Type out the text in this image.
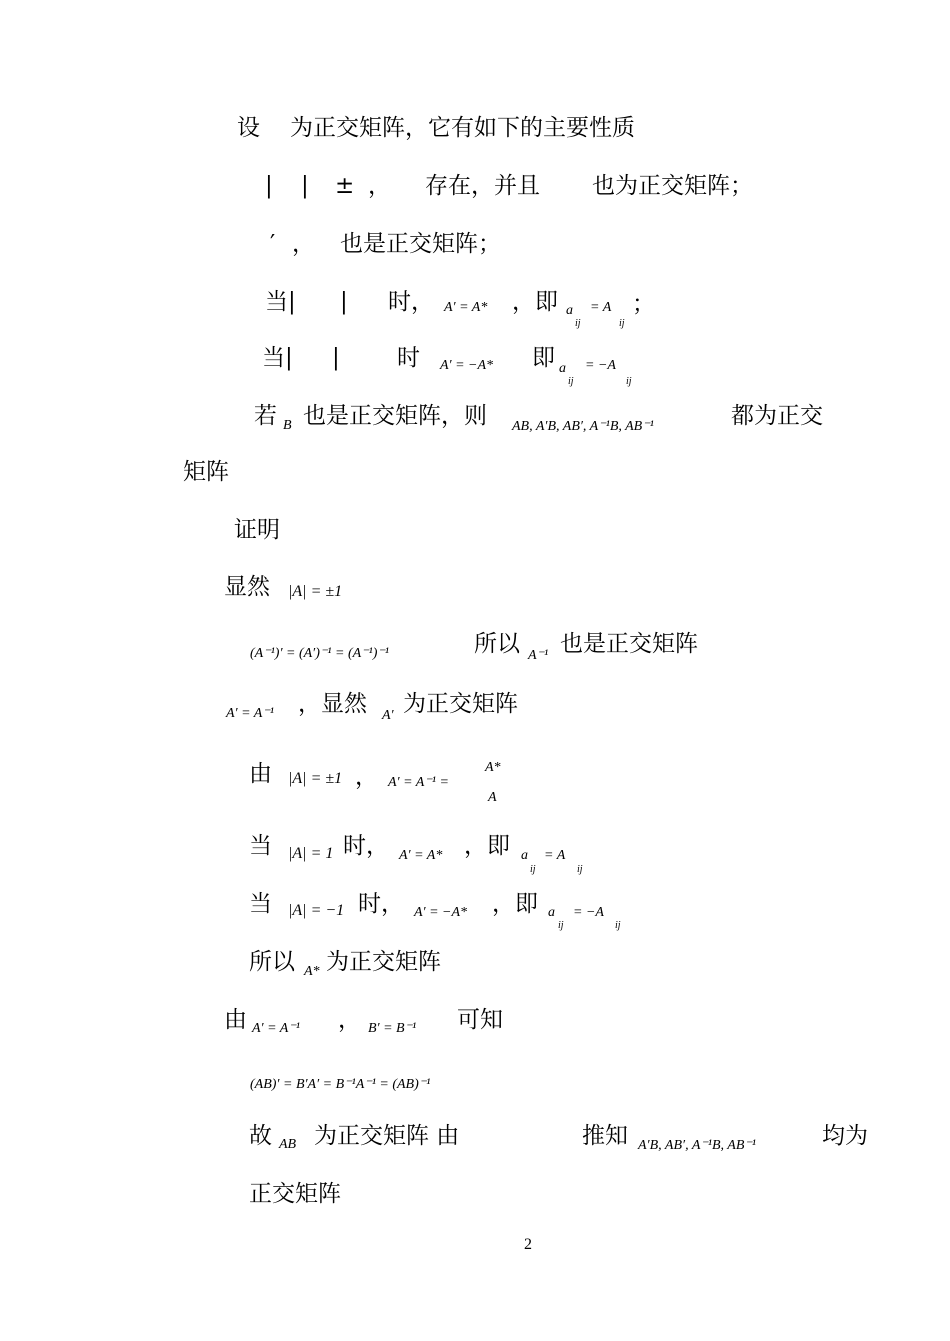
设 为正交矩阵，它有如下的主要性质
| | ± ， 存在，并且 也为正交矩阵；
′ ， 也是正交矩阵；
当| | 时， A′ = A* ，即 a
ij
= A
ij
；
当| | 时 A′ = −A* 即 a
ij
= −A
ij
若 B 也是正交矩阵，则 AB, A′B, AB′, A⁻¹B, AB⁻¹	都为正交
矩阵
证明
显然 |A| = ±1
(A⁻¹)′ = (A′)⁻¹ = (A⁻¹)⁻¹	所以 A⁻¹ 也是正交矩阵
A′ = A⁻¹ ，显然 A′ 为正交矩阵
由 |A| = ±1 ， A′ = A⁻¹ =
A*
A
当 |A| = 1 时， A′ = A* ，即 a
ij
= A
ij
当 |A| = −1 时， A′ = −A* ，即 a
ij
= −A
ij
所以 A* 为正交矩阵
由 A′ = A⁻¹ ， B′ = B⁻¹ 可知
(AB)′ = B′A′ = B⁻¹A⁻¹ = (AB)⁻¹
故 AB 为正交矩阵 由	推知 A′B, AB′, A⁻¹B, AB⁻¹	均为
正交矩阵
2
